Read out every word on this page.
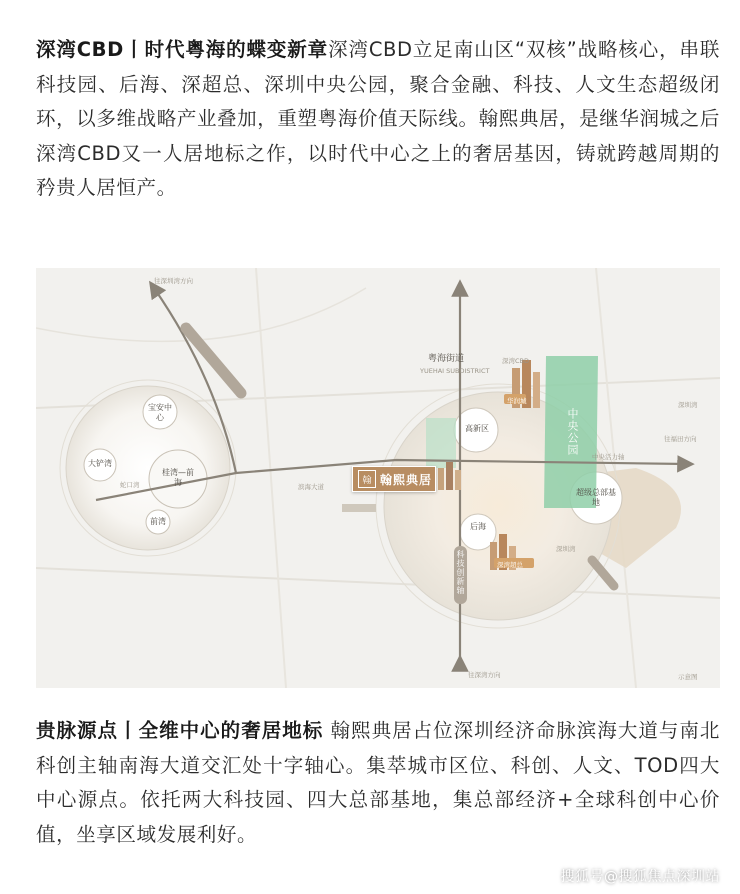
深湾CBD丨时代粤海的蝶变新章深湾CBD立足南山区“双核”战略核心，串联科技园、后海、深超总、深圳中央公园，聚合金融、科技、人文生态超级闭环，以多维战略产业叠加，重塑粤海价值天际线。翰熙典居，是继华润城之后深湾CBD又一人居地标之作，以时代中心之上的奢居基因，铸就跨越周期的矜贵人居恒产。

往深圳湾方向
往深湾方向	示意图
桂湾—前海
宝安中心
大铲湾
蛇口湾
前湾
粤海街道
YUEHAI SUBDISTRICT
深湾CBD
华润城
高新区
后海
深湾超总
中央公园
超级总部基地
深圳湾
深圳湾
往福田方向
中央活力轴
滨海大道
科技创新轴
翰 翰熙典居

贵脉源点丨全维中心的奢居地标 翰熙典居占位深圳经济命脉滨海大道与南北科创主轴南海大道交汇处十字轴心。集萃城市区位、科创、人文、TOD四大中心源点。依托两大科技园、四大总部基地，集总部经济+全球科创中心价值，坐享区域发展利好。

搜狐号@搜狐焦点深圳站
